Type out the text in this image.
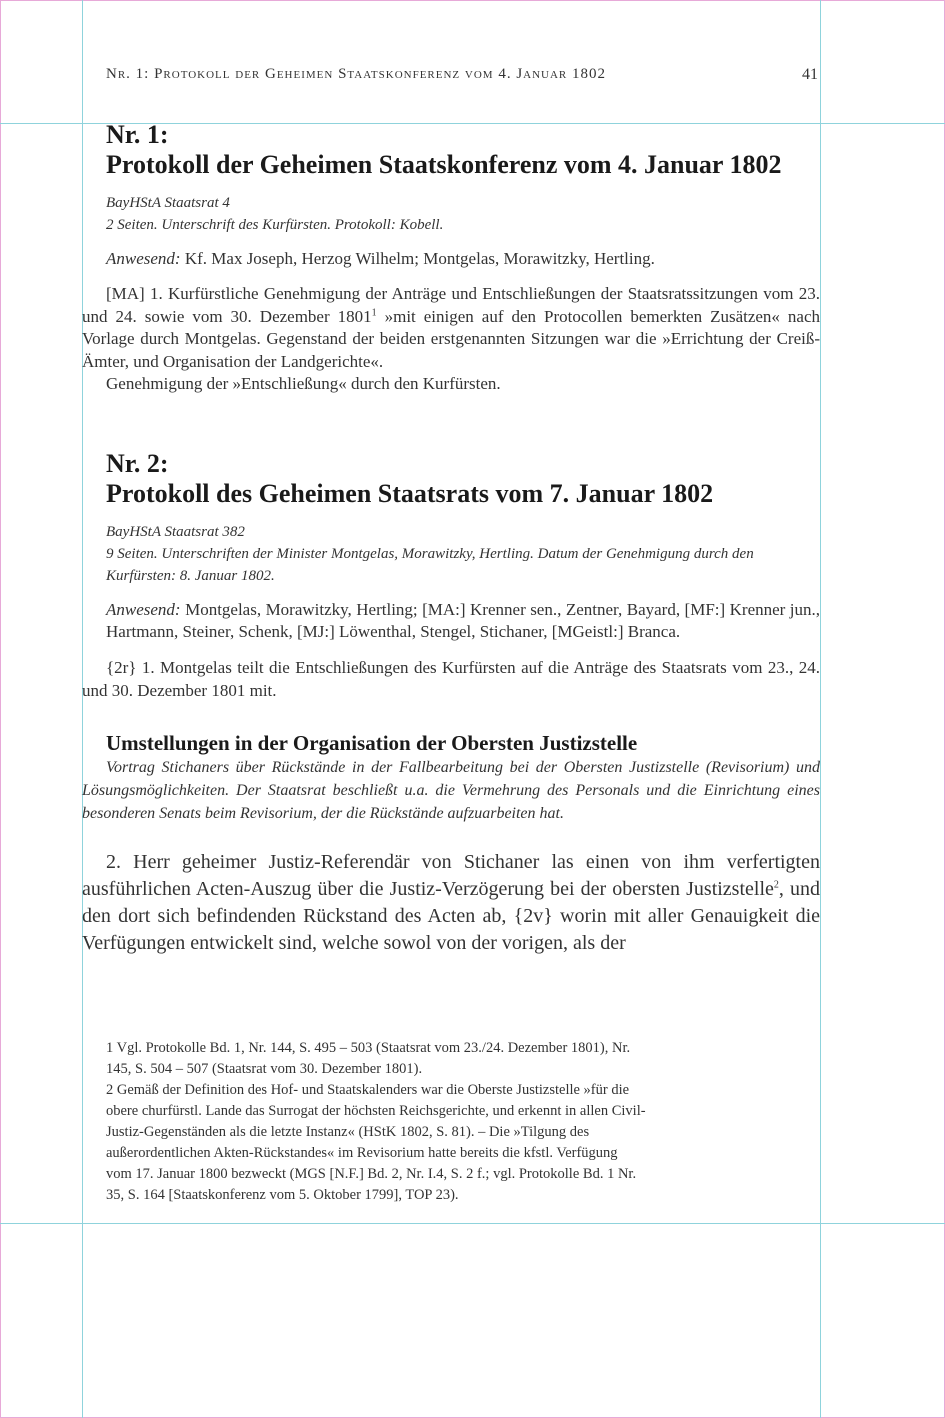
Nr. 1: Protokoll der Geheimen Staatskonferenz vom 4. Januar 1802	41
Nr. 1:
Protokoll der Geheimen Staatskonferenz vom 4. Januar 1802
BayHStA Staatsrat 4
2 Seiten. Unterschrift des Kurfürsten. Protokoll: Kobell.
Anwesend: Kf. Max Joseph, Herzog Wilhelm; Montgelas, Morawitzky, Hertling.

[MA] 1. Kurfürstliche Genehmigung der Anträge und Entschließungen der Staatsratssitzungen vom 23. und 24. sowie vom 30. Dezember 1801$^1$ »mit einigen auf den Protocollen bemerkten Zusätzen« nach Vorlage durch Montgelas. Gegenstand der beiden erstgenannten Sitzungen war die »Errichtung der Creiß-Ämter, und Organisation der Landgerichte«.

Genehmigung der »Entschließung« durch den Kurfürsten.

Nr. 2:
Protokoll des Geheimen Staatsrats vom 7. Januar 1802
BayHStA Staatsrat 382
9 Seiten. Unterschriften der Minister Montgelas, Morawitzky, Hertling. Datum der Genehmigung durch den Kurfürsten: 8. Januar 1802.
Anwesend: Montgelas, Morawitzky, Hertling; [MA:] Krenner sen., Zentner, Bayard, [MF:] Krenner jun., Hartmann, Steiner, Schenk, [MJ:] Löwenthal, Stengel, Stichaner, [MGeistl:] Branca.

{2r} 1. Montgelas teilt die Entschließungen des Kurfürsten auf die Anträge des Staatsrats vom 23., 24. und 30. Dezember 1801 mit.

Umstellungen in der Organisation der Obersten Justizstelle
Vortrag Stichaners über Rückstände in der Fallbearbeitung bei der Obersten Justizstelle (Revisorium) und Lösungsmöglichkeiten. Der Staatsrat beschließt u.a. die Vermehrung des Personals und die Einrichtung eines besonderen Senats beim Revisorium, der die Rückstände aufzuarbeiten hat.
2. Herr geheimer Justiz-Referendär von Stichaner las einen von ihm verfertigten ausführlichen Acten-Auszug über die Justiz-Verzögerung bei der obersten Justizstelle$^2$, und den dort sich befindenden Rückstand des Acten ab, {2v} worin mit aller Genauigkeit die Verfügungen entwickelt sind, welche sowol von der vorigen, als der

1 Vgl. Protokolle Bd. 1, Nr. 144, S. 495 – 503 (Staatsrat vom 23./24. Dezember 1801), Nr. 145, S. 504 – 507 (Staatsrat vom 30. Dezember 1801).

2 Gemäß der Definition des Hof- und Staatskalenders war die Oberste Justizstelle »für die obere churfürstl. Lande das Surrogat der höchsten Reichsgerichte, und erkennt in allen Civil-Justiz-Gegenständen als die letzte Instanz« (HStK 1802, S. 81). – Die »Tilgung des außerordentlichen Akten-Rückstandes« im Revisorium hatte bereits die kfstl. Verfügung vom 17. Januar 1800 bezweckt (MGS [N.F.] Bd. 2, Nr. I.4, S. 2 f.; vgl. Protokolle Bd. 1 Nr. 35, S. 164 [Staatskonferenz vom 5. Oktober 1799], TOP 23).
